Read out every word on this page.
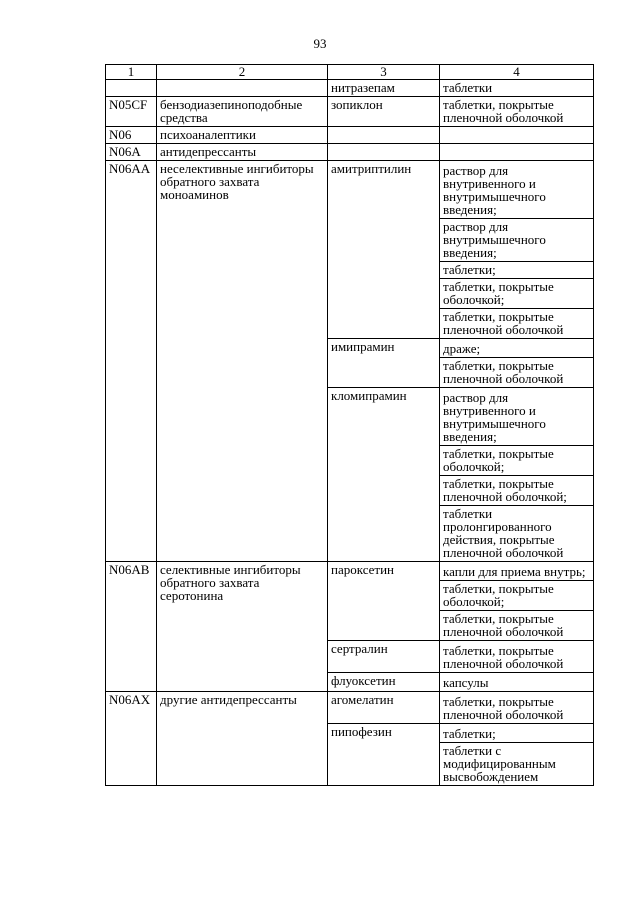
93
1	2	3	4
		нитразепам	таблетки
N05CF	бензодиазепиноподобные средства	зопиклон	таблетки, покрытые пленочной оболочкой
N06	психоаналептики		
N06A	антидепрессанты		
N06AA	неселективные ингибиторы обратного захвата моноаминов	амитриптилин	раствор для внутривенного и внутримышечного введения;
			раствор для внутримышечного введения;
			таблетки;
			таблетки, покрытые оболочкой;
			таблетки, покрытые пленочной оболочкой
		имипрамин	драже;
			таблетки, покрытые пленочной оболочкой
		кломипрамин	раствор для внутривенного и внутримышечного введения;
			таблетки, покрытые оболочкой;
			таблетки, покрытые пленочной оболочкой;
			таблетки пролонгированного действия, покрытые пленочной оболочкой
N06AB	селективные ингибиторы обратного захвата серотонина	пароксетин	капли для приема внутрь;
			таблетки, покрытые оболочкой;
			таблетки, покрытые пленочной оболочкой
		сертралин	таблетки, покрытые пленочной оболочкой
		флуоксетин	капсулы
N06AX	другие антидепрессанты	агомелатин	таблетки, покрытые пленочной оболочкой
		пипофезин	таблетки;
			таблетки с модифицированным высвобождением
